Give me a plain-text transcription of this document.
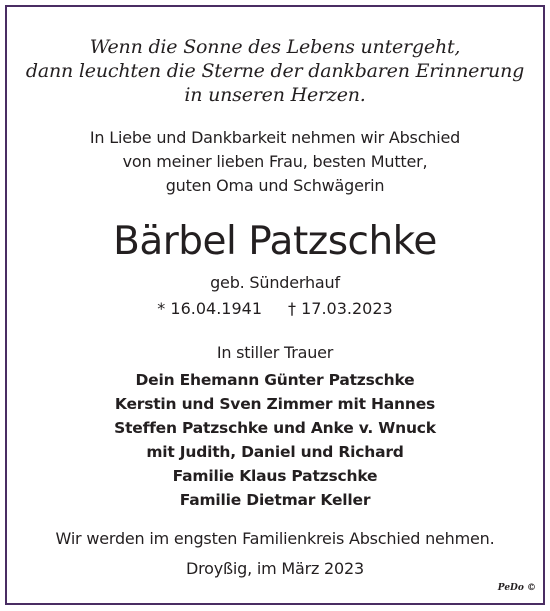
Wenn die Sonne des Lebens untergeht,
dann leuchten die Sterne der dankbaren Erinnerung
in unseren Herzen.
In Liebe und Dankbarkeit nehmen wir Abschied
von meiner lieben Frau, besten Mutter,
guten Oma und Schwägerin
Bärbel Patzschke
geb. Sünderhauf
* 16.04.1941 † 17.03.2023
In stiller Trauer
Dein Ehemann Günter Patzschke
Kerstin und Sven Zimmer mit Hannes
Steffen Patzschke und Anke v. Wnuck
mit Judith, Daniel und Richard
Familie Klaus Patzschke
Familie Dietmar Keller
Wir werden im engsten Familienkreis Abschied nehmen.
Droyßig, im März 2023
PeDo ©
